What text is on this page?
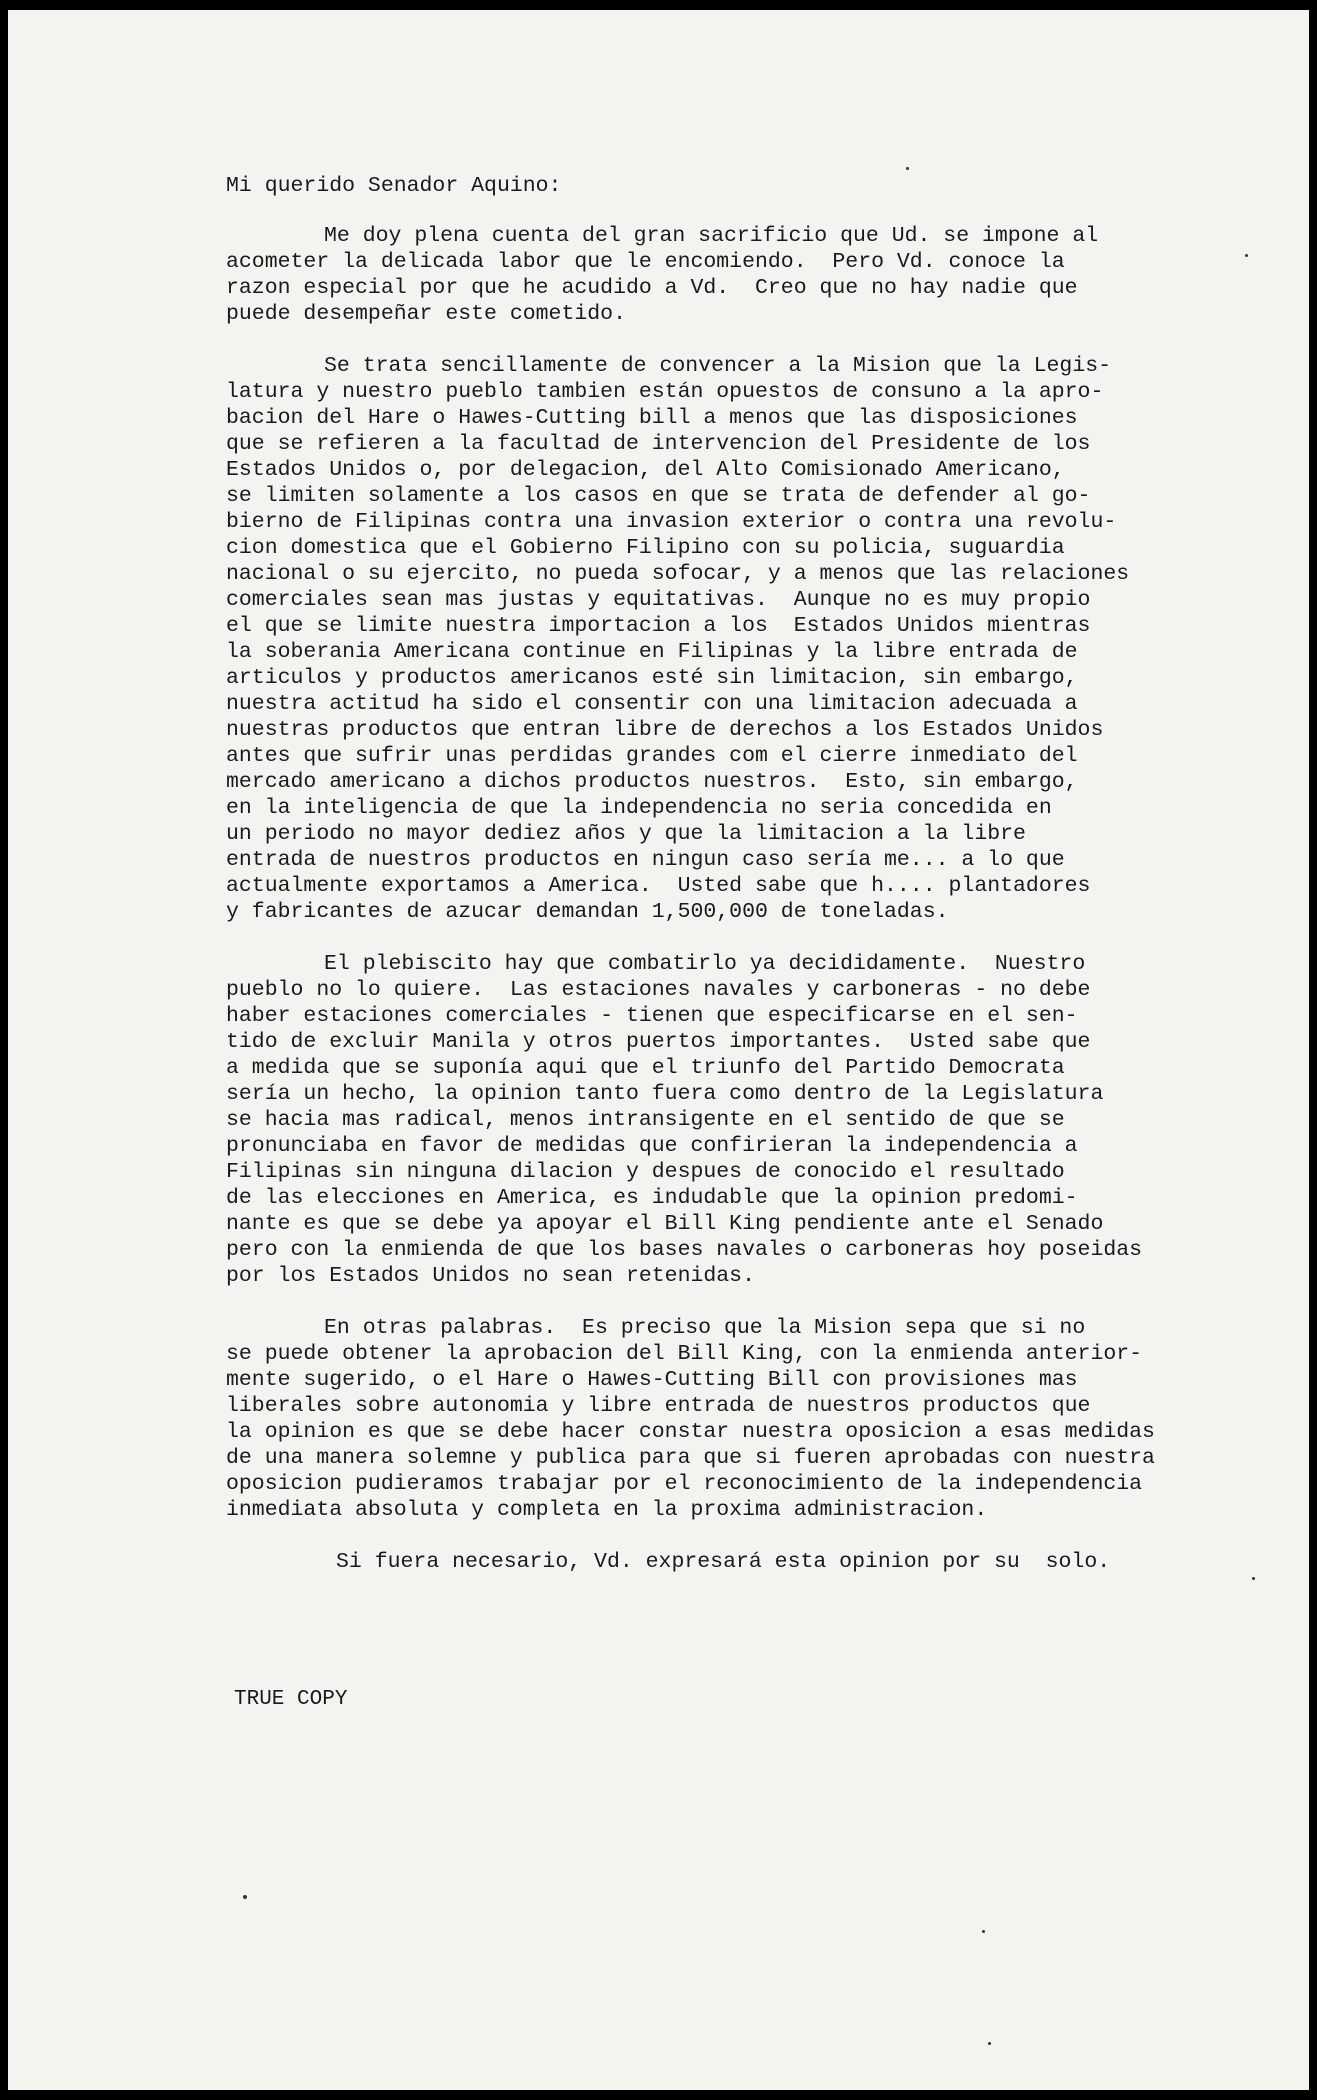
Mi querido Senador Aquino:
Me doy plena cuenta del gran sacrificio que Ud. se impone al
acometer la delicada labor que le encomiendo.  Pero Vd. conoce la
razon especial por que he acudido a Vd.  Creo que no hay nadie que
puede desempeñar este cometido.
Se trata sencillamente de convencer a la Mision que la Legis-
latura y nuestro pueblo tambien están opuestos de consuno a la apro-
bacion del Hare o Hawes-Cutting bill a menos que las disposiciones
que se refieren a la facultad de intervencion del Presidente de los
Estados Unidos o, por delegacion, del Alto Comisionado Americano,
se limiten solamente a los casos en que se trata de defender al go-
bierno de Filipinas contra una invasion exterior o contra una revolu-
cion domestica que el Gobierno Filipino con su policia, suguardia
nacional o su ejercito, no pueda sofocar, y a menos que las relaciones
comerciales sean mas justas y equitativas.  Aunque no es muy propio
el que se limite nuestra importacion a los  Estados Unidos mientras
la soberania Americana continue en Filipinas y la libre entrada de
articulos y productos americanos esté sin limitacion, sin embargo,
nuestra actitud ha sido el consentir con una limitacion adecuada a
nuestras productos que entran libre de derechos a los Estados Unidos
antes que sufrir unas perdidas grandes com el cierre inmediato del
mercado americano a dichos productos nuestros.  Esto, sin embargo,
en la inteligencia de que la independencia no seria concedida en
un periodo no mayor dediez años y que la limitacion a la libre
entrada de nuestros productos en ningun caso sería me... a lo que
actualmente exportamos a America.  Usted sabe que h.... plantadores
y fabricantes de azucar demandan 1,500,000 de toneladas.
El plebiscito hay que combatirlo ya decididamente.  Nuestro
pueblo no lo quiere.  Las estaciones navales y carboneras - no debe
haber estaciones comerciales - tienen que especificarse en el sen-
tido de excluir Manila y otros puertos importantes.  Usted sabe que
a medida que se suponía aqui que el triunfo del Partido Democrata
sería un hecho, la opinion tanto fuera como dentro de la Legislatura
se hacia mas radical, menos intransigente en el sentido de que se
pronunciaba en favor de medidas que confirieran la independencia a
Filipinas sin ninguna dilacion y despues de conocido el resultado
de las elecciones en America, es indudable que la opinion predomi-
nante es que se debe ya apoyar el Bill King pendiente ante el Senado
pero con la enmienda de que los bases navales o carboneras hoy poseidas
por los Estados Unidos no sean retenidas.
En otras palabras.  Es preciso que la Mision sepa que si no
se puede obtener la aprobacion del Bill King, con la enmienda anterior-
mente sugerido, o el Hare o Hawes-Cutting Bill con provisiones mas
liberales sobre autonomia y libre entrada de nuestros productos que
la opinion es que se debe hacer constar nuestra oposicion a esas medidas
de una manera solemne y publica para que si fueren aprobadas con nuestra
oposicion pudieramos trabajar por el reconocimiento de la independencia
inmediata absoluta y completa en la proxima administracion.
Si fuera necesario, Vd. expresará esta opinion por su  solo.
TRUE COPY
